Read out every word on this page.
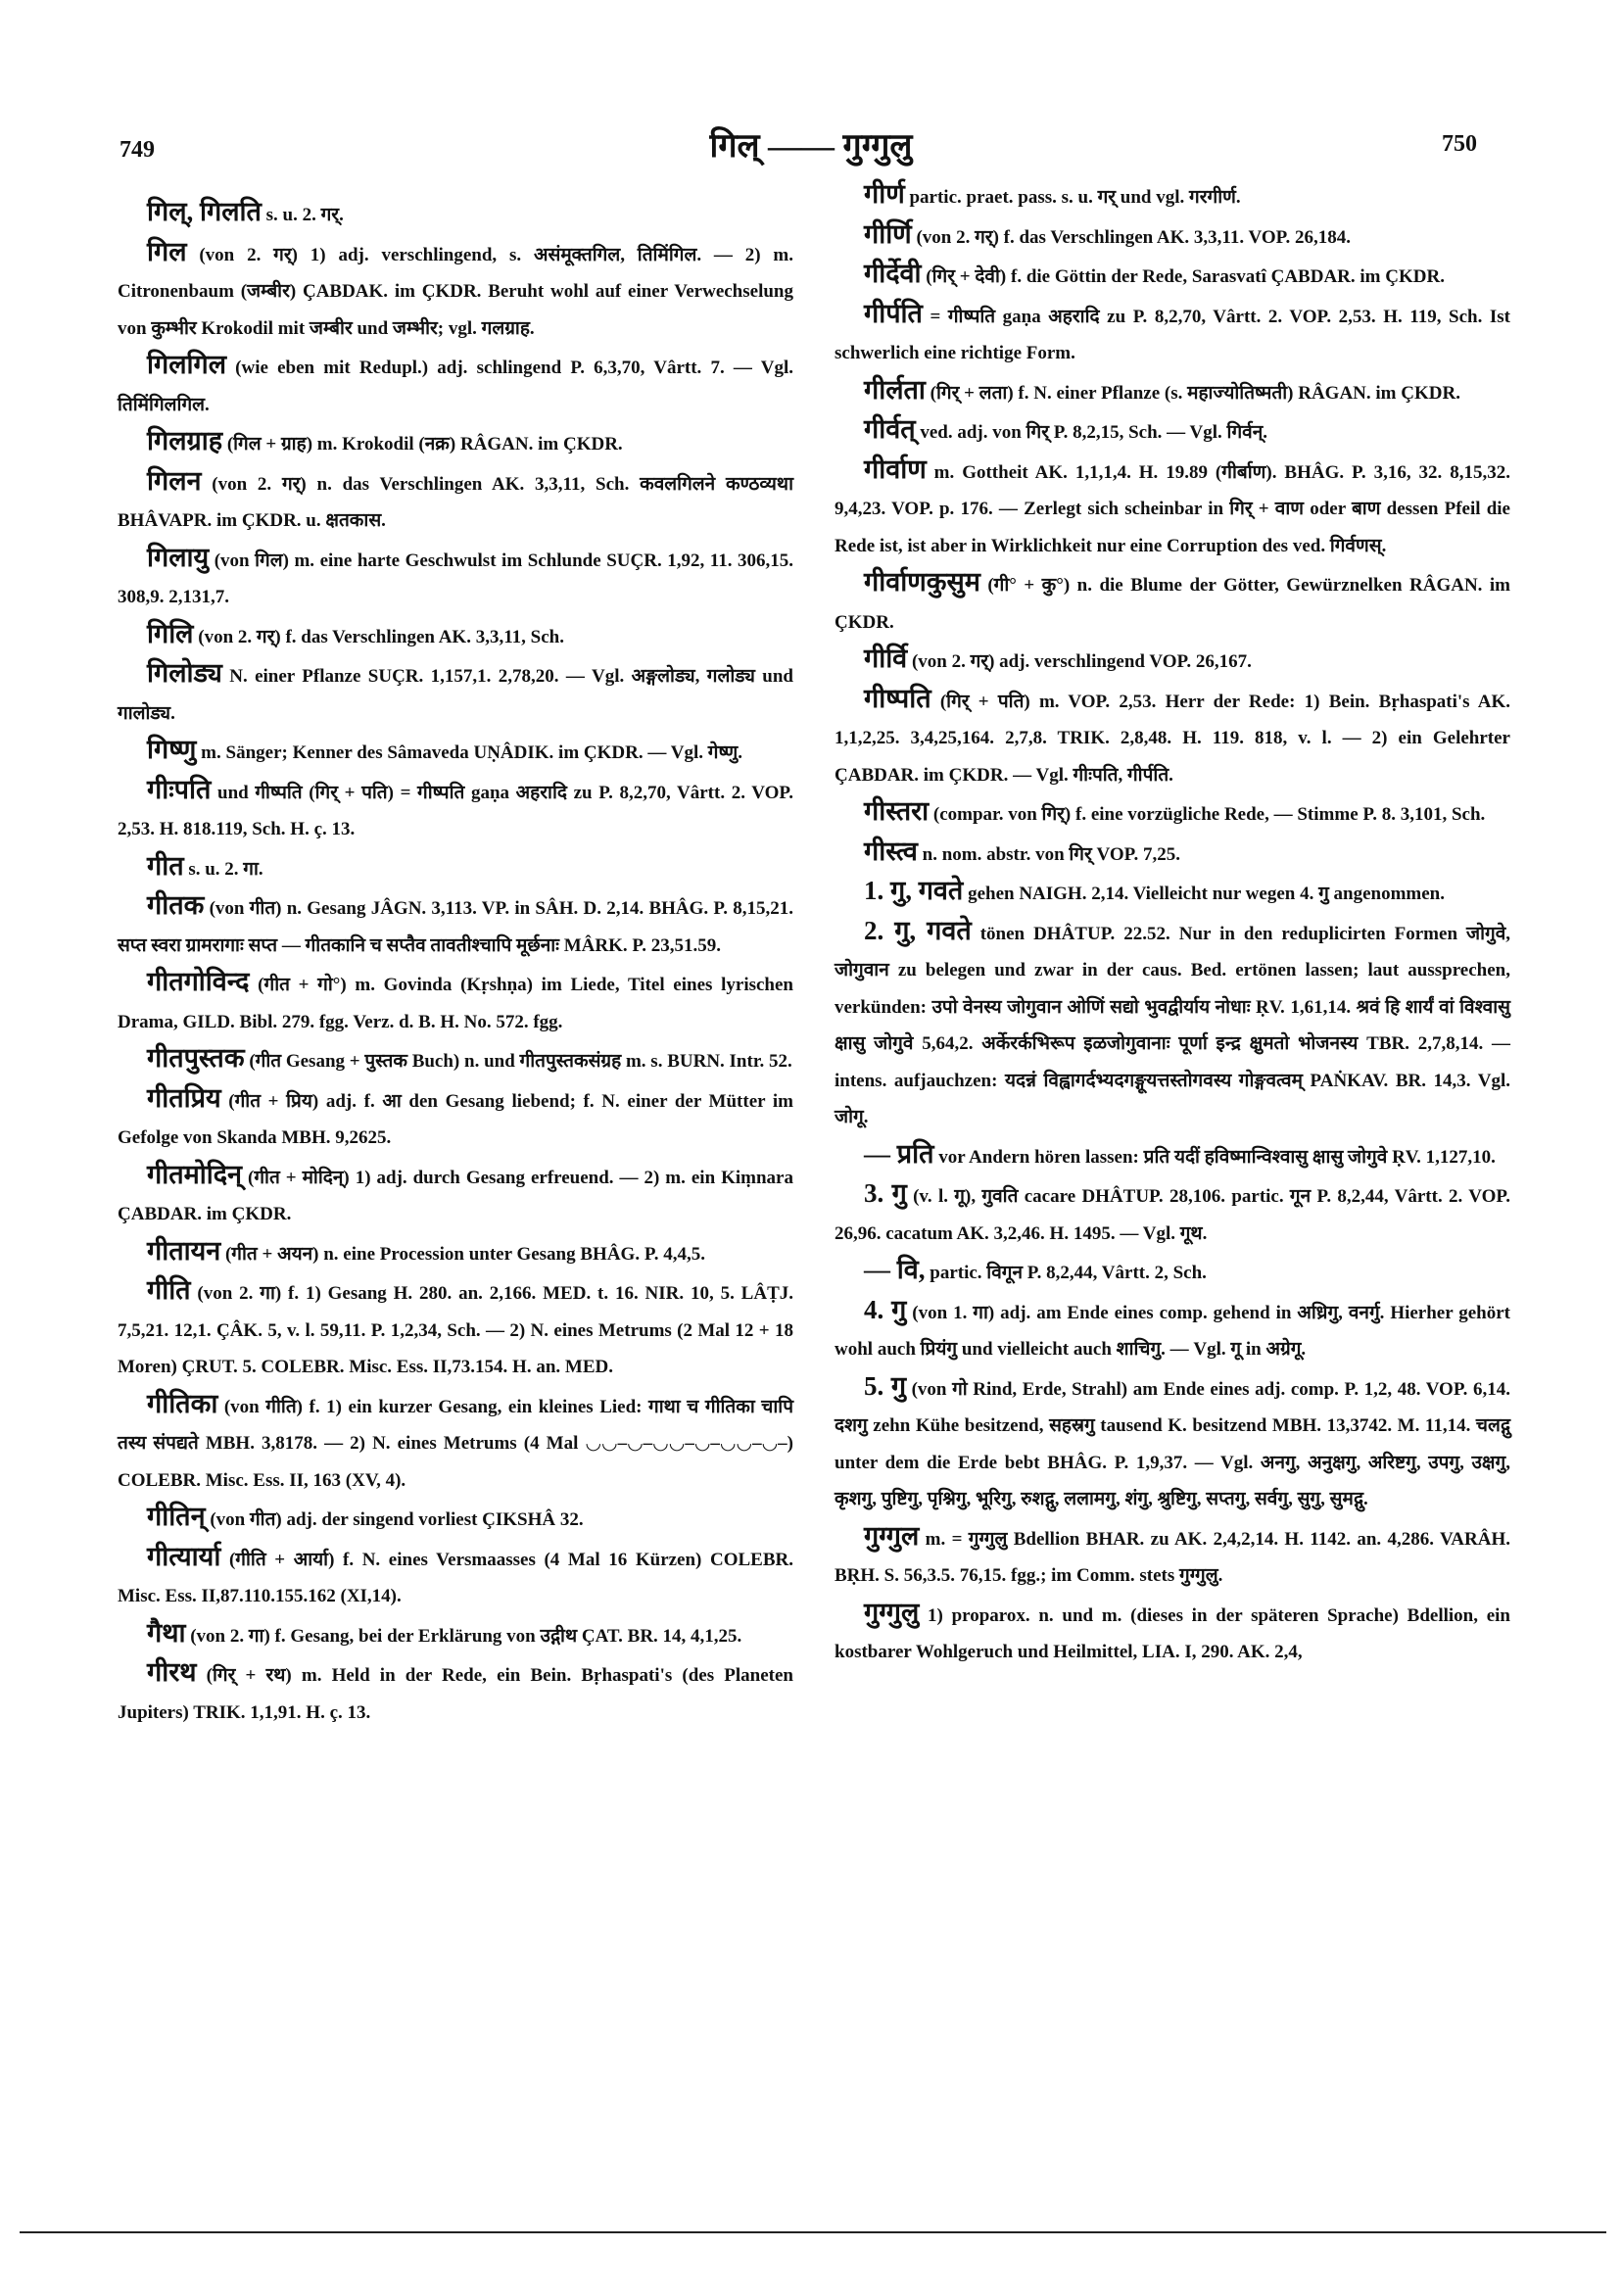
749	गिल् —— गुग्गुलु	750

गिल्, गिलति s. u. 2. गर्.

गिल (von 2. गर्) 1) adj. verschlingend, s. असंमूक्तगिल, तिमिंगिल. — 2) m. Citronenbaum (जम्बीर) ÇABDAK. im ÇKDR. Beruht wohl auf einer Verwechselung von कुम्भीर Krokodil mit जम्बीर und जम्भीर; vgl. गलग्राह.

गिलगिल (wie eben mit Redupl.) adj. schlingend P. 6,3,70, Vârtt. 7. — Vgl. तिमिंगिलगिल.

गिलग्राह (गिल + ग्राह) m. Krokodil (नक्र) RÂGAN. im ÇKDR.

गिलन (von 2. गर्) n. das Verschlingen AK. 3,3,11, Sch. कवलगिलने कण्ठव्यथा BHÂVAPR. im ÇKDR. u. क्षतकास.

गिलायु (von गिल) m. eine harte Geschwulst im Schlunde SUÇR. 1,92, 11. 306,15. 308,9. 2,131,7.

गिलि (von 2. गर्) f. das Verschlingen AK. 3,3,11, Sch.

गिलोड्य N. einer Pflanze SUÇR. 1,157,1. 2,78,20. — Vgl. अङ्गलोड्य, गलोड्य und गालोड्य.

गिष्णु m. Sänger; Kenner des Sâmaveda UṆÂDIK. im ÇKDR. — Vgl. गेष्णु.

गीःपति und गीष्पति (गिर् + पति) = गीष्पति gaṇa अहरादि zu P. 8,2,70, Vârtt. 2. VOP. 2,53. H. 818.119, Sch. H. ç. 13.

गीत s. u. 2. गा.

गीतक (von गीत) n. Gesang JÂGN. 3,113. VP. in SÂH. D. 2,14. BHÂG. P. 8,15,21. सप्त स्वरा ग्रामरागाः सप्त — गीतकानि च सप्तैव तावतीश्चापि मूर्छनाः MÂRK. P. 23,51.59.

गीतगोविन्द (गीत + गो°) m. Govinda (Kṛshṇa) im Liede, Titel eines lyrischen Drama, GILD. Bibl. 279. fgg. Verz. d. B. H. No. 572. fgg.

गीतपुस्तक (गीत Gesang + पुस्तक Buch) n. und गीतपुस्तकसंग्रह m. s. BURN. Intr. 52.

गीतप्रिय (गीत + प्रिय) adj. f. आ den Gesang liebend; f. N. einer der Mütter im Gefolge von Skanda MBH. 9,2625.

गीतमोदिन् (गीत + मोदिन्) 1) adj. durch Gesang erfreuend. — 2) m. ein Kiṃnara ÇABDAR. im ÇKDR.

गीतायन (गीत + अयन) n. eine Procession unter Gesang BHÂG. P. 4,4,5.

गीति (von 2. गा) f. 1) Gesang H. 280. an. 2,166. MED. t. 16. NIR. 10, 5. LÂṬJ. 7,5,21. 12,1. ÇÂK. 5, v. l. 59,11. P. 1,2,34, Sch. — 2) N. eines Metrums (2 Mal 12 + 18 Moren) ÇRUT. 5. COLEBR. Misc. Ess. II,73.154. H. an. MED.

गीतिका (von गीति) f. 1) ein kurzer Gesang, ein kleines Lied: गाथा च गीतिका चापि तस्य संपद्यते MBH. 3,8178. — 2) N. eines Metrums (4 Mal ◡◡–◡–◡◡–◡–◡◡–◡–) COLEBR. Misc. Ess. II, 163 (XV, 4).

गीतिन् (von गीत) adj. der singend vorliest ÇIKSHÂ 32.

गीत्यार्या (गीति + आर्या) f. N. eines Versmaasses (4 Mal 16 Kürzen) COLEBR. Misc. Ess. II,87.110.155.162 (XI,14).

गैथा (von 2. गा) f. Gesang, bei der Erklärung von उद्गीथ ÇAT. BR. 14, 4,1,25.

गीरथ (गिर् + रथ) m. Held in der Rede, ein Bein. Bṛhaspati's (des Planeten Jupiters) TRIK. 1,1,91. H. ç. 13.

गीर्ण partic. praet. pass. s. u. गर् und vgl. गरगीर्ण.

गीर्णि (von 2. गर्) f. das Verschlingen AK. 3,3,11. VOP. 26,184.

गीर्देवी (गिर् + देवी) f. die Göttin der Rede, Sarasvatî ÇABDAR. im ÇKDR.

गीर्पति = गीष्पति gaṇa अहरादि zu P. 8,2,70, Vârtt. 2. VOP. 2,53. H. 119, Sch. Ist schwerlich eine richtige Form.

गीर्लता (गिर् + लता) f. N. einer Pflanze (s. महाज्योतिष्मती) RÂGAN. im ÇKDR.

गीर्वत् ved. adj. von गिर् P. 8,2,15, Sch. — Vgl. गिर्वन्.

गीर्वाण m. Gottheit AK. 1,1,1,4. H. 19.89 (गीर्बाण). BHÂG. P. 3,16, 32. 8,15,32. 9,4,23. VOP. p. 176. — Zerlegt sich scheinbar in गिर् + वाण oder बाण dessen Pfeil die Rede ist, ist aber in Wirklichkeit nur eine Corruption des ved. गिर्वणस्.

गीर्वाणकुसुम (गी° + कु°) n. die Blume der Götter, Gewürznelken RÂGAN. im ÇKDR.

गीर्वि (von 2. गर्) adj. verschlingend VOP. 26,167.

गीष्पति (गिर् + पति) m. VOP. 2,53. Herr der Rede: 1) Bein. Bṛhaspati's AK. 1,1,2,25. 3,4,25,164. 2,7,8. TRIK. 2,8,48. H. 119. 818, v. l. — 2) ein Gelehrter ÇABDAR. im ÇKDR. — Vgl. गीःपति, गीर्पति.

गीस्तरा (compar. von गिर्) f. eine vorzügliche Rede, — Stimme P. 8. 3,101, Sch.

गीस्त्व n. nom. abstr. von गिर् VOP. 7,25.

1. गु, गवते gehen NAIGH. 2,14. Vielleicht nur wegen 4. गु angenommen.

2. गु, गवते tönen DHÂTUP. 22.52. Nur in den reduplicirten Formen जोगुवे, जोगुवान zu belegen und zwar in der caus. Bed. ertönen lassen; laut aussprechen, verkünden: उपो वेनस्य जोगुवान ओणिं सद्यो भुवद्वीर्याय नोधाः ṚV. 1,61,14. श्रवं हि शार्यं वां विश्वासु क्षासु जोगुवे 5,64,2. अर्केरर्कभिरूप इळजोगुवानाः पूर्णा इन्द्र क्षुमतो भोजनस्य TBR. 2,7,8,14. — intens. aufjauchzen: यदन्नं विह्वागर्दभ्यदगङ्गूयत्तस्तोगवस्य गोङ्गवत्वम् PAṄKAV. BR. 14,3. Vgl. जोगू.

— प्रति vor Andern hören lassen: प्रति यदीं हविष्मान्विश्वासु क्षासु जोगुवे ṚV. 1,127,10.

3. गु (v. l. गू), गुवति cacare DHÂTUP. 28,106. partic. गून P. 8,2,44, Vârtt. 2. VOP. 26,96. cacatum AK. 3,2,46. H. 1495. — Vgl. गूथ.

— वि, partic. विगून P. 8,2,44, Vârtt. 2, Sch.

4. गु (von 1. गा) adj. am Ende eines comp. gehend in अध्रिगु, वनर्गु. Hierher gehört wohl auch प्रियंगु und vielleicht auch शाचिगु. — Vgl. गू in अग्रेगू.

5. गु (von गो Rind, Erde, Strahl) am Ende eines adj. comp. P. 1,2, 48. VOP. 6,14. दशगु zehn Kühe besitzend, सहस्रगु tausend K. besitzend MBH. 13,3742. M. 11,14. चलद्गु unter dem die Erde bebt BHÂG. P. 1,9,37. — Vgl. अनगु, अनुक्षगु, अरिष्टगु, उपगु, उक्षगु, कृशगु, पुष्टिगु, पृश्निगु, भूरिगु, रुशद्गु, ललामगु, शंगु, श्रुष्टिगु, सप्तगु, सर्वगु, सुगु, सुमद्गु.

गुग्गुल m. = गुग्गुलु Bdellion BHAR. zu AK. 2,4,2,14. H. 1142. an. 4,286. VARÂH. BṚH. S. 56,3.5. 76,15. fgg.; im Comm. stets गुग्गुलु.

गुग्गुलु 1) proparox. n. und m. (dieses in der späteren Sprache) Bdellion, ein kostbarer Wohlgeruch und Heilmittel, LIA. I, 290. AK. 2,4,
